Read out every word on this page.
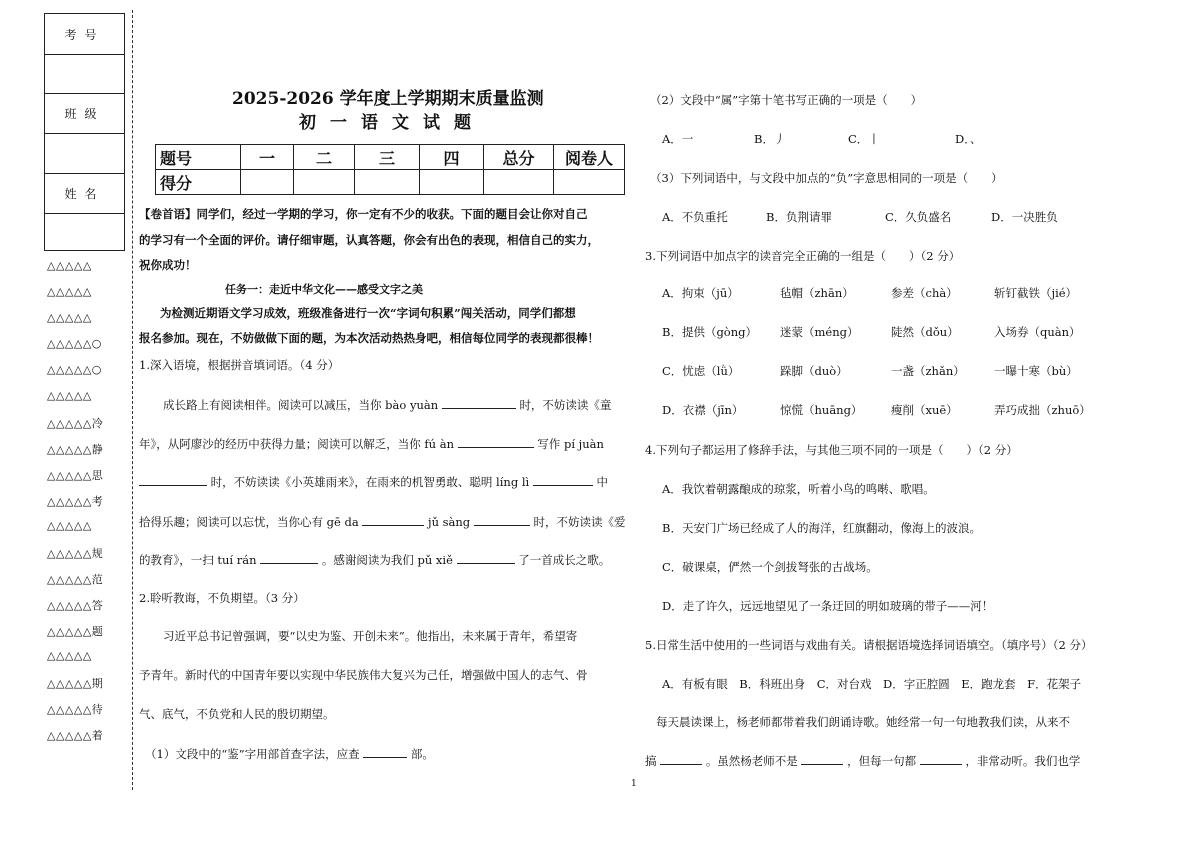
考号
班级
姓名
△△△△△
△△△△△
△△△△△
△△△△△○
△△△△△○
△△△△△
△△△△△冷
△△△△△静
△△△△△思
△△△△△考
△△△△△
△△△△△规
△△△△△范
△△△△△答
△△△△△题
△△△△△
△△△△△期
△△△△△待
△△△△△着
2025-2026 学年度上学期期末质量监测
初一语文试题
题号	一	二	三	四	总分	阅卷人
得分						
【卷首语】同学们，经过一学期的学习，你一定有不少的收获。下面的题目会让你对自己
的学习有一个全面的评价。请仔细审题，认真答题，你会有出色的表现，相信自己的实力，
祝你成功！
任务一：走近中华文化——感受文字之美
为检测近期语文学习成效，班级准备进行一次“字词句积累”闯关活动，同学们都想
报名参加。现在，不妨做做下面的题，为本次活动热热身吧，相信每位同学的表现都很棒！
1.深入语境，根据拼音填词语。（4 分）
成长路上有阅读相伴。阅读可以减压，当你 bào yuàn	时，不妨读读《童
年》，从阿廖沙的经历中获得力量；阅读可以解乏，当你 fú àn	写作 pí juàn
时，不妨读读《小英雄雨来》，在雨来的机智勇敢、聪明 líng lì	中
拾得乐趣；阅读可以忘忧，当你心有 gē da	jǔ sàng	时，不妨读读《爱
的教育》，一扫 tuí rán	。感谢阅读为我们 pǔ xiě	了一首成长之歌。
2.聆听教诲，不负期望。（3 分）
习近平总书记曾强调，要“以史为鉴、开创未来”。他指出，未来属于青年，希望寄
予青年。新时代的中国青年要以实现中华民族伟大复兴为己任，增强做中国人的志气、骨
气、底气，不负党和人民的殷切期望。
（1）文段中的“鉴”字用部首查字法，应查	部。
（2）文段中“属”字第十笔书写正确的一项是（　　）
A．一	B．丿	C．丨	D．、
（3）下列词语中，与文段中加点的“负”字意思相同的一项是（　　）
A．不负重托	B．负荆请罪	C．久负盛名	D．一决胜负
3.下列词语中加点字的读音完全正确的一组是（　　）（2 分）
A．拘束（jū）	毡帽（zhān）	参差（chà）	斩钉截铁（jié）
B．提供（gòng） 迷蒙（méng）	陡然（dǒu）	入场券（quàn）
C．忧虑（lǜ）	跺脚（duò）	一盏（zhǎn）	一曝十寒（bù）
D．衣襟（jīn）	惊慌（huāng） 瘦削（xuē）	弄巧成拙（zhuō）
4.下列句子都运用了修辞手法，与其他三项不同的一项是（　　）（2 分）
A．我饮着朝露酿成的琼浆，听着小鸟的鸣啭、歌唱。
B．天安门广场已经成了人的海洋，红旗翻动，像海上的波浪。
C．破课桌，俨然一个剑拔弩张的古战场。
D．走了许久，远远地望见了一条迂回的明如玻璃的带子——河！
5.日常生活中使用的一些词语与戏曲有关。请根据语境选择词语填空。（填序号）（2 分）
A．有板有眼　B．科班出身　C．对台戏　D．字正腔圆　E．跑龙套　F．花架子
每天晨读课上，杨老师都带着我们朗诵诗歌。她经常一句一句地教我们读，从来不
搞	。虽然杨老师不是	，但每一句都	，非常动听。我们也学
1
